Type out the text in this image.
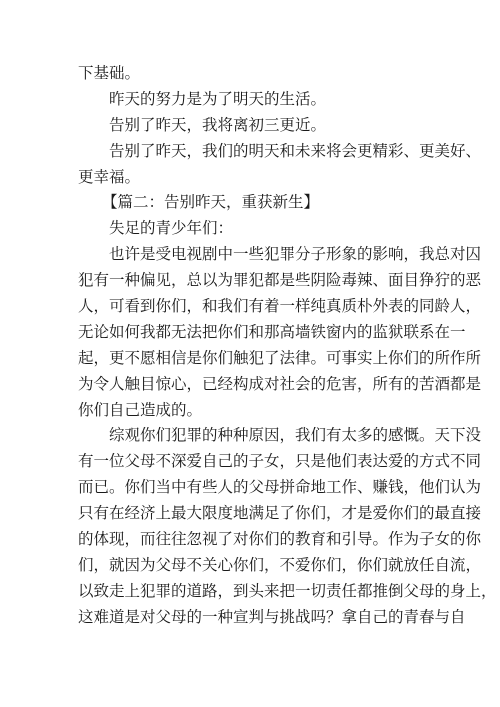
下基础。
昨天的努力是为了明天的生活。
告别了昨天，我将离初三更近。
告别了昨天，我们的明天和未来将会更精彩、更美好、
更幸福。
【篇二：告别昨天，重获新生】
失足的青少年们：
也许是受电视剧中一些犯罪分子形象的影响，我总对囚
犯有一种偏见，总以为罪犯都是些阴险毒辣、面目狰狞的恶
人，可看到你们，和我们有着一样纯真质朴外表的同龄人，
无论如何我都无法把你们和那高墙铁窗内的监狱联系在一
起，更不愿相信是你们触犯了法律。可事实上你们的所作所
为令人触目惊心，已经构成对社会的危害，所有的苦酒都是
你们自己造成的。
综观你们犯罪的种种原因，我们有太多的感慨。天下没
有一位父母不深爱自己的子女，只是他们表达爱的方式不同
而已。你们当中有些人的父母拼命地工作、赚钱，他们认为
只有在经济上最大限度地满足了你们，才是爱你们的最直接
的体现，而往往忽视了对你们的教育和引导。作为子女的你
们，就因为父母不关心你们，不爱你们，你们就放任自流，
以致走上犯罪的道路，到头来把一切责任都推倒父母的身上，
这难道是对父母的一种宣判与挑战吗？拿自己的青春与自
